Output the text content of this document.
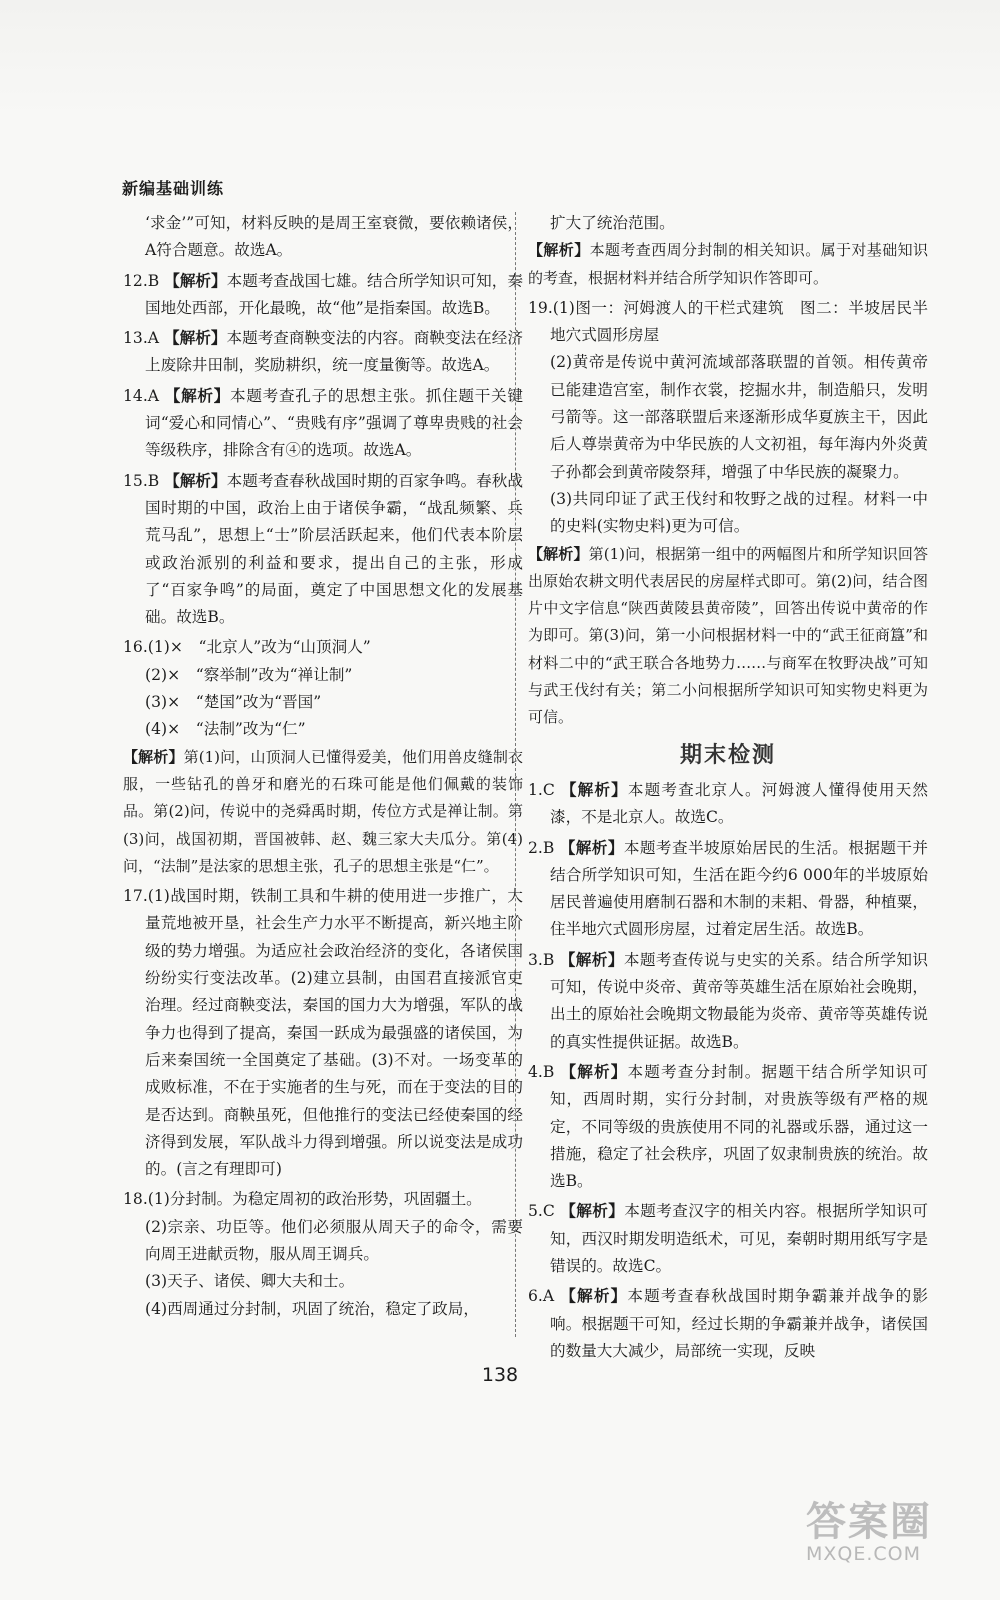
新编基础训练

‘求金’”可知，材料反映的是周王室衰微，要依赖诸侯，A符合题意。故选A。

12.B 【解析】本题考查战国七雄。结合所学知识可知，秦国地处西部，开化最晚，故“他”是指秦国。故选B。

13.A 【解析】本题考查商鞅变法的内容。商鞅变法在经济上废除井田制，奖励耕织，统一度量衡等。故选A。

14.A 【解析】本题考查孔子的思想主张。抓住题干关键词“爱心和同情心”、“贵贱有序”强调了尊卑贵贱的社会等级秩序，排除含有④的选项。故选A。

15.B 【解析】本题考查春秋战国时期的百家争鸣。春秋战国时期的中国，政治上由于诸侯争霸，“战乱频繁、兵荒马乱”，思想上“士”阶层活跃起来，他们代表本阶层或政治派别的利益和要求，提出自己的主张，形成了“百家争鸣”的局面，奠定了中国思想文化的发展基础。故选B。

16.(1)×　“北京人”改为“山顶洞人”

(2)×　“察举制”改为“禅让制”

(3)×　“楚国”改为“晋国”

(4)×　“法制”改为“仁”

【解析】第(1)问，山顶洞人已懂得爱美，他们用兽皮缝制衣服，一些钻孔的兽牙和磨光的石珠可能是他们佩戴的装饰品。第(2)问，传说中的尧舜禹时期，传位方式是禅让制。第(3)问，战国初期，晋国被韩、赵、魏三家大夫瓜分。第(4)问，“法制”是法家的思想主张，孔子的思想主张是“仁”。

17.(1)战国时期，铁制工具和牛耕的使用进一步推广，大量荒地被开垦，社会生产力水平不断提高，新兴地主阶级的势力增强。为适应社会政治经济的变化，各诸侯国纷纷实行变法改革。(2)建立县制，由国君直接派官吏治理。经过商鞅变法，秦国的国力大为增强，军队的战争力也得到了提高，秦国一跃成为最强盛的诸侯国，为后来秦国统一全国奠定了基础。(3)不对。一场变革的成败标准，不在于实施者的生与死，而在于变法的目的是否达到。商鞅虽死，但他推行的变法已经使秦国的经济得到发展，军队战斗力得到增强。所以说变法是成功的。(言之有理即可)

18.(1)分封制。为稳定周初的政治形势，巩固疆土。

(2)宗亲、功臣等。他们必须服从周天子的命令，需要向周王进献贡物，服从周王调兵。

(3)天子、诸侯、卿大夫和士。

(4)西周通过分封制，巩固了统治，稳定了政局，

扩大了统治范围。

【解析】本题考查西周分封制的相关知识。属于对基础知识的考查，根据材料并结合所学知识作答即可。

19.(1)图一：河姆渡人的干栏式建筑　图二：半坡居民半地穴式圆形房屋

(2)黄帝是传说中黄河流域部落联盟的首领。相传黄帝已能建造宫室，制作衣裳，挖掘水井，制造船只，发明弓箭等。这一部落联盟后来逐渐形成华夏族主干，因此后人尊崇黄帝为中华民族的人文初祖，每年海内外炎黄子孙都会到黄帝陵祭拜，增强了中华民族的凝聚力。

(3)共同印证了武王伐纣和牧野之战的过程。材料一中的史料(实物史料)更为可信。

【解析】第(1)问，根据第一组中的两幅图片和所学知识回答出原始农耕文明代表居民的房屋样式即可。第(2)问，结合图片中文字信息“陕西黄陵县黄帝陵”，回答出传说中黄帝的作为即可。第(3)问，第一小问根据材料一中的“武王征商簋”和材料二中的“武王联合各地势力……与商军在牧野决战”可知与武王伐纣有关；第二小问根据所学知识可知实物史料更为可信。

期末检测

1.C 【解析】本题考查北京人。河姆渡人懂得使用天然漆，不是北京人。故选C。

2.B 【解析】本题考查半坡原始居民的生活。根据题干并结合所学知识可知，生活在距今约6 000年的半坡原始居民普遍使用磨制石器和木制的耒耜、骨器，种植粟，住半地穴式圆形房屋，过着定居生活。故选B。

3.B 【解析】本题考查传说与史实的关系。结合所学知识可知，传说中炎帝、黄帝等英雄生活在原始社会晚期，出土的原始社会晚期文物最能为炎帝、黄帝等英雄传说的真实性提供证据。故选B。

4.B 【解析】本题考查分封制。据题干结合所学知识可知，西周时期，实行分封制，对贵族等级有严格的规定，不同等级的贵族使用不同的礼器或乐器，通过这一措施，稳定了社会秩序，巩固了奴隶制贵族的统治。故选B。

5.C 【解析】本题考查汉字的相关内容。根据所学知识可知，西汉时期发明造纸术，可见，秦朝时期用纸写字是错误的。故选C。

6.A 【解析】本题考查春秋战国时期争霸兼并战争的影响。根据题干可知，经过长期的争霸兼并战争，诸侯国的数量大大减少，局部统一实现，反映

138
答案圈
MXQE.COM
